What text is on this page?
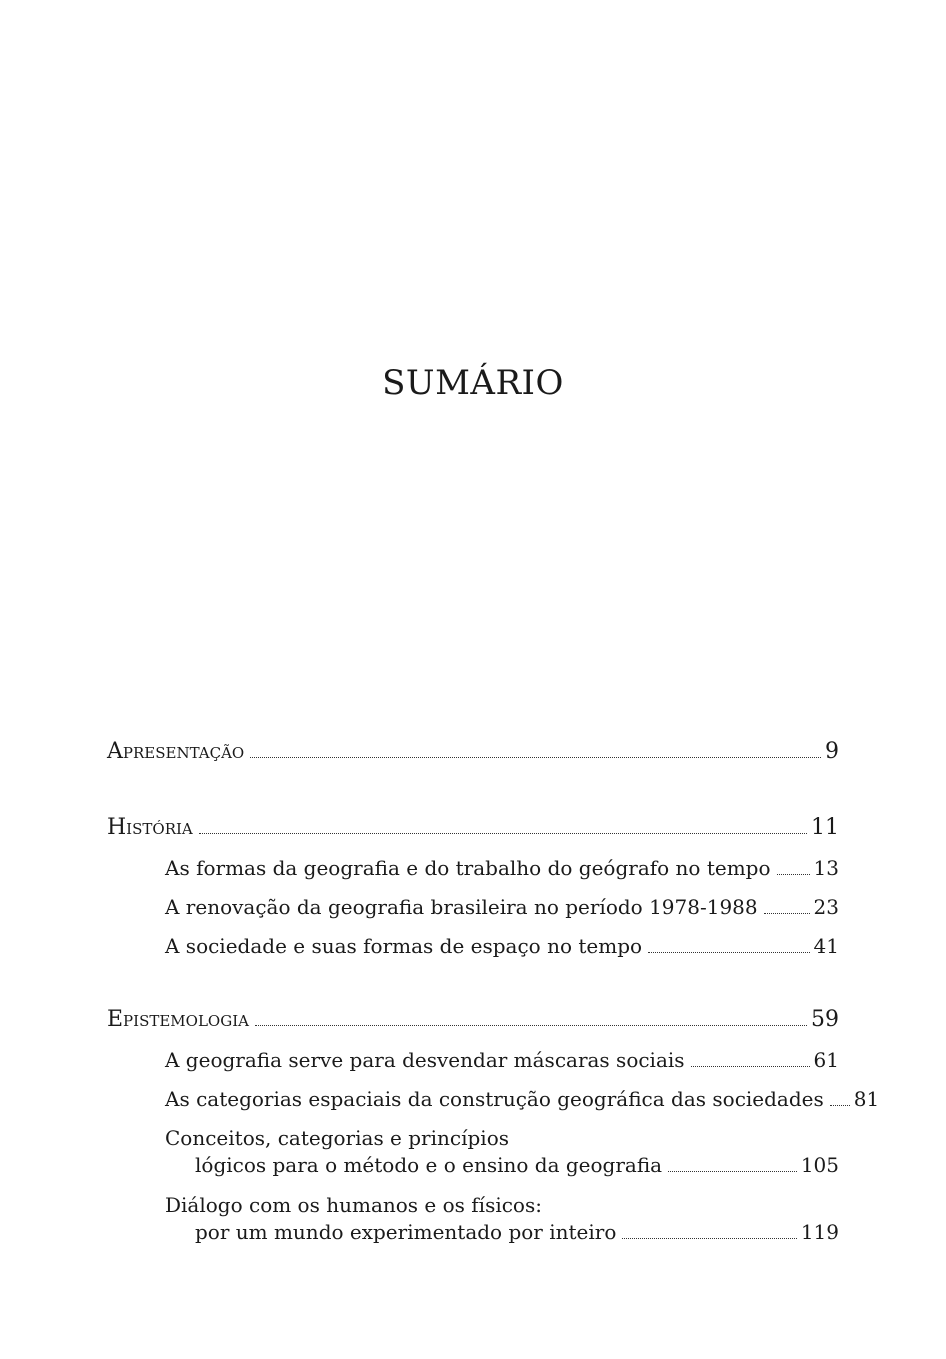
SUMÁRIO
Apresentação	9
História	11
As formas da geografia e do trabalho do geógrafo no tempo 13
A renovação da geografia brasileira no período 1978-1988	23
A sociedade e suas formas de espaço no tempo	41
Epistemologia	59
A geografia serve para desvendar máscaras sociais	61
As categorias espaciais da construção geográfica das sociedades 81
Conceitos, categorias e princípios
lógicos para o método e o ensino da geografia	105
Diálogo com os humanos e os físicos:
por um mundo experimentado por inteiro	119
